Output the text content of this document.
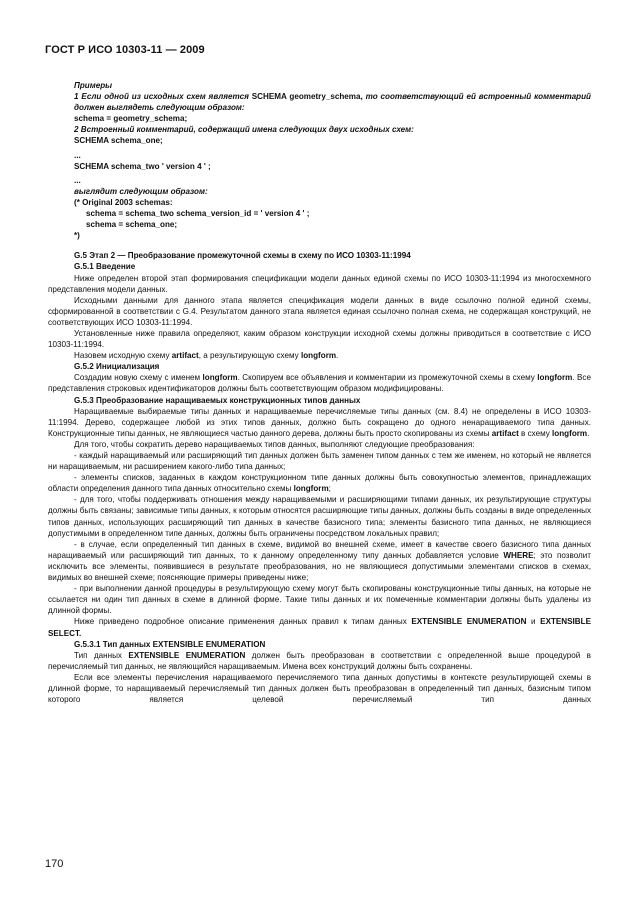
ГОСТ Р ИСО 10303-11 — 2009

Примеры

1 Если одной из исходных схем является SCHEMA geometry_schema, то соответствующий ей встроенный комментарий должен выглядеть следующим образом:

schema = geometry_schema;

2 Встроенный комментарий, содержащий имена следующих двух исходных схем:

SCHEMA schema_one;

...

SCHEMA schema_two ' version 4 ' ;

...

выглядит следующим образом:

(* Original 2003 schemas:

schema = schema_two schema_version_id = ' version 4 ' ;

schema = schema_one;

*)

G.5 Этап 2 — Преобразование промежуточной схемы в схему по ИСО 10303-11:1994

G.5.1 Введение

Ниже определен второй этап формирования спецификации модели данных единой схемы по ИСО 10303-11:1994 из многосхемного представления модели данных.

Исходными данными для данного этапа является спецификация модели данных в виде ссылочно полной единой схемы, сформированной в соответствии с G.4. Результатом данного этапа является единая ссылочно полная схема, не содержащая конструкций, не соответствующих ИСО 10303-11:1994.

Установленные ниже правила определяют, каким образом конструкции исходной схемы должны приводиться в соответствие с ИСО 10303-11:1994.

Назовем исходную схему artifact, а результирующую схему longform.

G.5.2 Инициализация

Создадим новую схему с именем longform. Скопируем все объявления и комментарии из промежуточной схемы в схему longform. Все представления строковых идентификаторов должны быть соответствующим образом модифицированы.

G.5.3 Преобразование наращиваемых конструкционных типов данных

Наращиваемые выбираемые типы данных и наращиваемые перечисляемые типы данных (см. 8.4) не определены в ИСО 10303-11:1994. Дерево, содержащее любой из этих типов данных, должно быть сокращено до одного ненаращиваемого типа данных. Конструкционные типы данных, не являющиеся частью данного дерева, должны быть просто скопированы из схемы artifact в схему longform.

Для того, чтобы сократить дерево наращиваемых типов данных, выполняют следующие преобразования:

- каждый наращиваемый или расширяющий тип данных должен быть заменен типом данных с тем же именем, но который не является ни наращиваемым, ни расширением какого-либо типа данных;

- элементы списков, заданных в каждом конструкционном типе данных должны быть совокупностью элементов, принадлежащих области определения данного типа данных относительно схемы longform;

- для того, чтобы поддерживать отношения между наращиваемыми и расширяющими типами данных, их результирующие структуры должны быть связаны; зависимые типы данных, к которым относятся расширяющие типы данных, должны быть созданы в виде определенных типов данных, использующих расширяющий тип данных в качестве базисного типа; элементы базисного типа данных, не являющиеся допустимыми в определенном типе данных, должны быть ограничены посредством локальных правил;

- в случае, если определенный тип данных в схеме, видимой во внешней схеме, имеет в качестве своего базисного типа данных наращиваемый или расширяющий тип данных, то к данному определенному типу данных добавляется условие WHERE; это позволит исключить все элементы, появившиеся в результате преобразования, но не являющиеся допустимыми элементами списков в схемах, видимых во внешней схеме; поясняющие примеры приведены ниже;

- при выполнении данной процедуры в результирующую схему могут быть скопированы конструкционные типы данных, на которые не ссылается ни один тип данных в схеме в длинной форме. Такие типы данных и их помеченные комментарии должны быть удалены из длинной формы.

Ниже приведено подробное описание применения данных правил к типам данных EXTENSIBLE ENUMERATION и EXTENSIBLE SELECT.

G.5.3.1 Тип данных EXTENSIBLE ENUMERATION

Тип данных EXTENSIBLE ENUMERATION должен быть преобразован в соответствии с определенной выше процедурой в перечисляемый тип данных, не являющийся наращиваемым. Имена всех конструкций должны быть сохранены.

Если все элементы перечисления наращиваемого перечисляемого типа данных допустимы в контексте результирующей схемы в длинной форме, то наращиваемый перечисляемый тип данных должен быть преобразован в определенный тип данных, базисным типом которого является целевой перечисляемый тип данных

170
